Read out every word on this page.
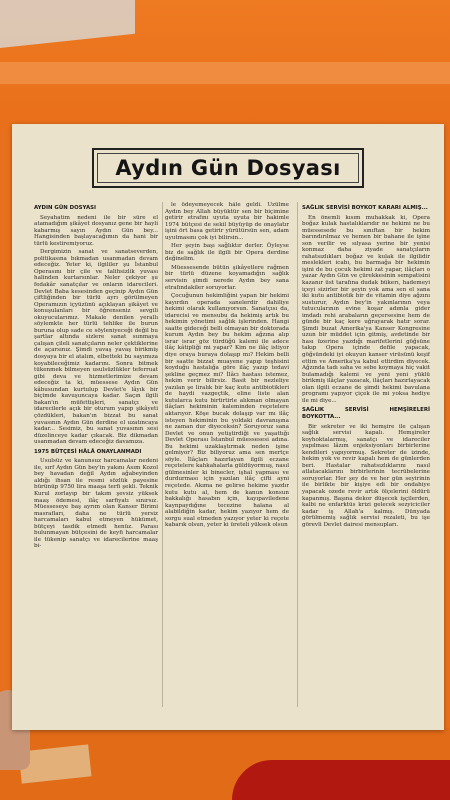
Aydın Gün Dosyası
AYDIN GÜN DOSYASI

Seyahatim nedeni ile bir süre el atamadığım şikâyet dosyanız gene bir hayli kabarmış sayın Aydın Gün bey... Hangisinden başlayacağımın da hani bir türlü kestiremiyoruz.

Dergimizin sanat ve sanatseverden, politikasına bıkmadan usanmadan devam edeceğiz. Yeter ki, ilgililer şu İstanbul Operasını bir çile ve talihsizlik yuvası halinden kurtarsınlar. Neler çekiyor şu fedakâr sanatçılar ve onların idarecileri. Devlet Baba kesesinden geçinip Aydın Gün çiftliğinden bir türlü ayrı görülmeyen Operamızın içyüzünü açıklayan şikâyet ve konuşulanları bir öğrenseniz sevgili okuyucularımız. Makale denilen yerallı söylemkte her türlü tehlike ile burun buruna olup sade ce söyleniyeceği değil bu şartlar altında sizlere sanat sunmaya çalışan çileli sanatçıların neler çektiklerine de açarsınız. Şimdi yavaş yavaş birikmiş dosyaya bir el atalım, elbetteki bu sayımıza koyabileceğimiz kadarını. Sonra bitmek tükenmek bilmeyen usulsüzlükler teferruat gibi deva ve hizmetlerimize devam edeceğiz ta ki, müessese Aydın Gün kâbusundan kurtulup Devlet'e lâyık bir biçimde kavuşuncaya kadar. Saçın ilgili bakan'ın müfettişleri, sanatçı ve idarecilerle açık bir oturum yapıp şikâyeti çözdükleri, bakan'ın bizzat bu sanat yuvasının Aydın Gün derdine el uzatıncaya kadar... Sesimiz, bu sanat yuvasının sesi düzelinceye kadar çıkacak. Biz dikmadan usanmadan devam edeceğiz davamıza.

1975 BÜTÇESİ HÂLÂ ONAYLANMADI

Usulsüz ve kanunsuz harcamalar nedeni ile, sırf Aydın Gün bey'in yakını Asım Kozol bey havadan değil Aydın ağabeyinden aldığı ihsan ile resmi sözlük payesine bürünüp 9750 lira maaşa terfi şekli. Teknik Kurul zorlayıp bir takım şevsiz yüksek maaş ödemesi, ilâç sarfiyatı sınırsız. Müesseseye baş ayrım olan Kanser Birimi masrafları, daha ne türlü yersiz harcamaları kabul etmeyen hükümet, bütçeyi tasdik etmedi henüz. Parası bulunmayan bütçesini de keyfi harcamalar ile tükenip sanatçı ve idarecilerine maaş bi-

le ödeyemeyecek hâle geldi. Üzülme Aydın bey Allah büyüktür sen bir biçimine getirir etrafını uyuta uyuta bir hakimle 1974 bütçesi de sekil büyüyüp de onaylatır işini ört basa getirir yürütürsün sen, adam uyutmasını çok iyi bilirsin...

Her şeyin başı sağlıktır derler. Öyleyse biz de sağlık ile ilgili bir Opera derdine değinelim.

Müessesende bütün şikâyetlere rağmen bir türlü düzene koyamadığın sağlık servisin şimdi nerede Aydın bey sana etrafındakiler soruyorlar.

Çocuğunun hekimliğini yapan bir hekimi kayırdın operada sanelerdir dahiliye hekimi olarak kullanıyorsun. Sanatçısı da, idarecisi ve mensubu da hekimiş artık bu hekimin yönetimi sağlık işlerinden. Hangi saatte gideceği belli olmayan bir doktorada kurum Aydın bey bu hekim ağzına alıp israr israr göz türdüğü kalemi ile adece ilâç kâtipliği mi yapar? Kim ne ilâç istiyor diye oraya buraya dolaşıp mı? Hekim belli bir saatte bizzat muayene yapıp teşhisini koyduğu hastalığa göre ilâç yazıp tedavi şekline geçmez mi? İlâcı hastası istemez, hekim verir bilirsiz. Basit bir nezleliye yazılan şe liralık bir kaç kutu antibiotikleri de haydi vazgeçtik, eline liste alan kutularca kutu birtirtirle alıkman olmayan ilâçları hekiminin kaleminden reçetelere aktarıyor. Köşe bucak dolaşıp var mı ilâç isteyen hekiminin bu yoldaki davranışına ne zaman dur diyeceksin? Soruyoruz sana Devlet ve onun yetiştirdiği ve yaşattığı Devlet Operası İstanbul müessesesi adına. Bu hekimi uzaklaştırmak neden işine gelmiyor? Biz biliyoruz ama sen mertçe söyle. İlâçları hazırlayan ilgili eczane reçetelere kahkahalarla güldüyormuş, nasıl gülmesinler ki binecler, işhal yapması ve durdurması için yazılan ilâç çifti ayni reçetede. Akıma ne gelirse hekime yazdır kutu kutu al, hem de kanun konsun bakkalığı hasabın için, kayıpaviledene kaynpaydığıne tecezine halana al alabildiğin kadar, hekim yazıyor hem de sorgu sual etmeden yazıyor yeter ki reçete kabarık olsun, yeter ki üreteli yüksek olsun

SAĞLIK SERVİSİ BOYKOT KARARI ALMIŞ...

En önemli kısım muhakkak ki, Opera boğaz kulak hastalıklarıdır ne hekimi ne bu müessesede bu sınıftan bir hekim barındırılmaz ve hemen bir bahane ile işine son verilir ve sılyasa yerine bir yenisi konmaz daha ziyade sanatçıların rahatsızlıkları boğaz ve kulak ile ilgilidir meslekleri icabı, bu barmağa bir hekimin işini de bu çocuk hekimi zat yapar, ilâçları o yazar Aydın Gün ve çürekkesinin sempatisini kazanır üst tarafına dudak bükerı, hademeyi içeyi sizirler bir şeyin yok ama sen el sana iki kutu antibiotik bir de vitamin diye ağzını susturur, Aydın bey'in yakınlarının veya tutucularının evine koşar adımla gider imdadı rehi arabaların geçersesine hem de günde bir kaç kere uğrayarak hatır sorar. Şimdi buzat Amerika'ya Kanser Kongresine uzun bir müddet için gitmiş, avdetinde bir hası üzerine yazdığı marifetlerini göğsüne takıp Opera içinde defile yapacak, göğsündeki iyi okuyun kanser virüsünü keşif ettim ve Amerika'ya kabul ettirdim diyecek. Ağzında tadı saha ve sebe koymaya hiç vakit bulamadığı kalemi ve yeni yeni yüklü birikmiş ilâçlar yazacak, ilâçları hazırlayacak olan ilgili eczane de şimdi hekimi bavulana programı yapıyor çiçek ile mi yoksa hediye ile mi diye...

SAĞLIK SERVİSİ HEMŞİRELERİ BOYKOTTA...

Bir sekreter ve iki hemşire ile çalışan sağlık servisi kapalı. Hemşireler koyhoktalarmış, sanatçı ve idareciler yapılması lâzım enjeksiyonları birbirlerine kendileri yapıyormuş. Sekreter de izinde, hekim yok ve revir kapalı hem de günlerden beri. Hastalar rahatsızlıklarını nasıl atlatacaklarını birbirlerinin tecrübelerine soruyorlar. Her şey de ve her gün seyirinin ile birlikte bir kişiye edi bir ondahiye yapacak ozede revir artık ölçelerini öldürü kapanmış. Başına dekor düşecek işçilerden, kalbi ne enfarktüs krizi gelecek sezyiciciler kadar iş Allah'a kalmış. Dünyada görülmemiş sağlık servisi rezaleti, bu işe görevli Devlet dairesi mensupları.
